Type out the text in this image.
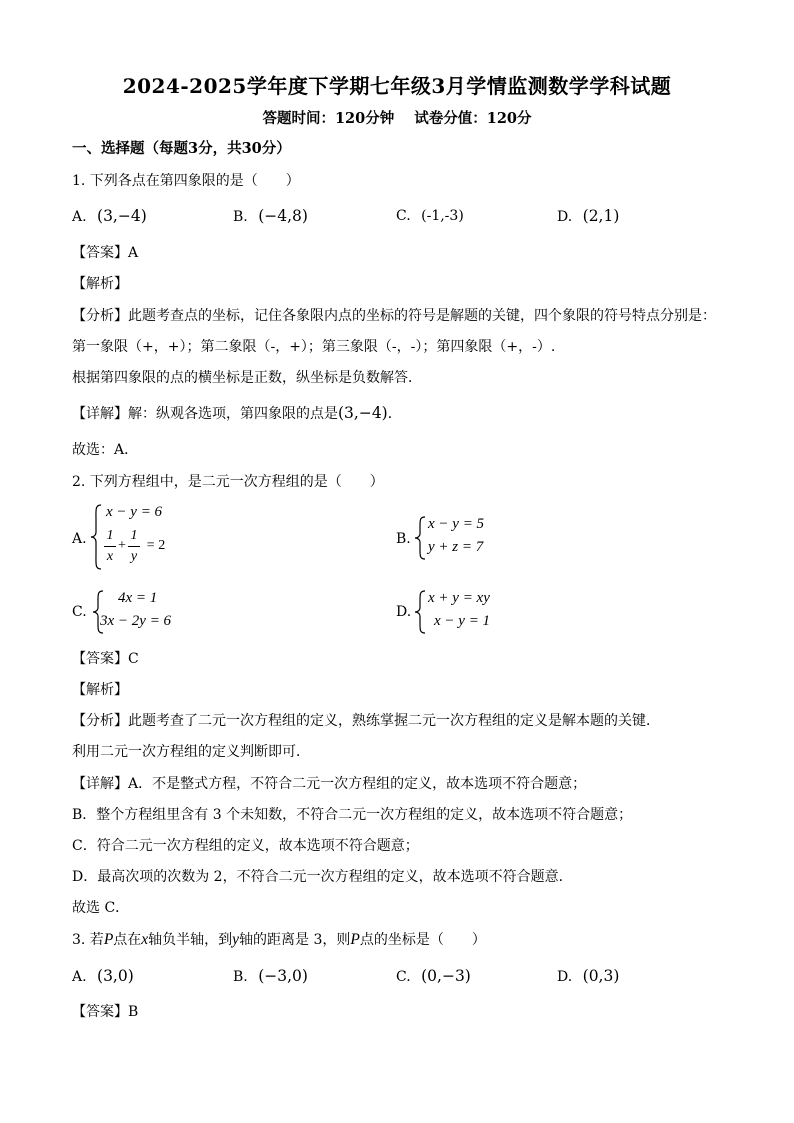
2024-2025学年度下学期七年级3月学情监测数学学科试题
答题时间：120分钟 试卷分值：120分
一、选择题（每题3分，共30分）
1. 下列各点在第四象限的是（　　）
A. (3,−4)	B. (−4,8)	C. (-1,-3)	D. (2,1)
【答案】A
【解析】
【分析】此题考查点的坐标，记住各象限内点的坐标的符号是解题的关键，四个象限的符号特点分别是：
第一象限（+，+）；第二象限（-，+）；第三象限（-，-）；第四象限（+，-）.
根据第四象限的点的横坐标是正数，纵坐标是负数解答．
【详解】解：纵观各选项，第四象限的点是(3,−4)．
故选：A．
2. 下列方程组中，是二元一次方程组的是（　　）
A.
x − y = 6
1
x
+
1
y
= 2	B.
x − y = 5
y + z = 7
C.
4x = 1
3x − 2y = 6
D.
x + y = xy
x − y = 1
【答案】C
【解析】
【分析】此题考查了二元一次方程组的定义，熟练掌握二元一次方程组的定义是解本题的关键．
利用二元一次方程组的定义判断即可．
【详解】A．不是整式方程，不符合二元一次方程组的定义，故本选项不符合题意；
B．整个方程组里含有 3 个未知数，不符合二元一次方程组的定义，故本选项不符合题意；
C．符合二元一次方程组的定义，故本选项不符合题意；
D．最高次项的次数为 2，不符合二元一次方程组的定义，故本选项不符合题意．
故选 C．
3. 若P点在x轴负半轴，到y轴的距离是 3，则P点的坐标是（　　）
A. (3,0)	B. (−3,0)	C. (0,−3)	D. (0,3)
【答案】B
